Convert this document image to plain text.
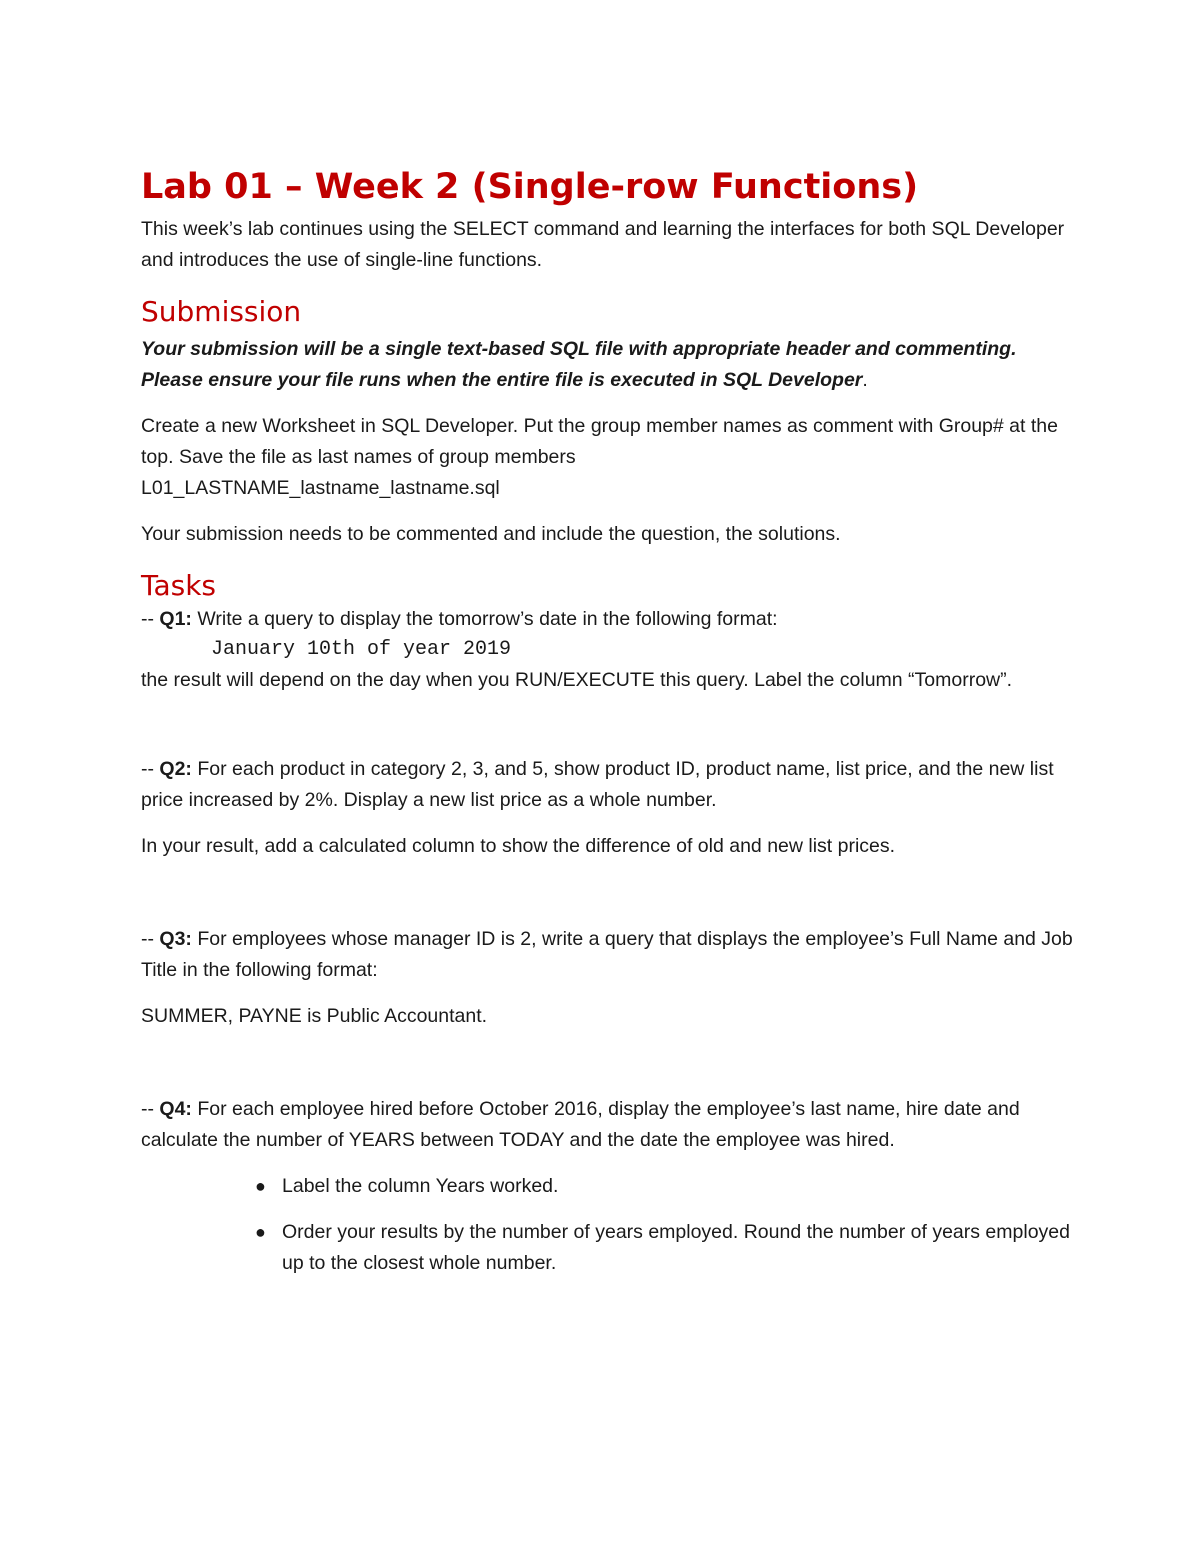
Lab 01 – Week 2 (Single-row Functions)

This week’s lab continues using the SELECT command and learning the interfaces for both SQL Developer and introduces the use of single-line functions.

Submission

Your submission will be a single text-based SQL file with appropriate header and commenting. Please ensure your file runs when the entire file is executed in SQL Developer.

Create a new Worksheet in SQL Developer. Put the group member names as comment with Group# at the top. Save the file as last names of group members
L01_LASTNAME_lastname_lastname.sql

Your submission needs to be commented and include the question, the solutions.

Tasks

-- Q1: Write a query to display the tomorrow’s date in the following format:

January 10th of year 2019

the result will depend on the day when you RUN/EXECUTE this query. Label the column “Tomorrow”.

-- Q2: For each product in category 2, 3, and 5, show product ID, product name, list price, and the new list price increased by 2%. Display a new list price as a whole number.

In your result, add a calculated column to show the difference of old and new list prices.

-- Q3: For employees whose manager ID is 2, write a query that displays the employee’s Full Name and Job Title in the following format:

SUMMER, PAYNE is Public Accountant.

-- Q4: For each employee hired before October 2016, display the employee’s last name, hire date and calculate the number of YEARS between TODAY and the date the employee was hired.

● Label the column Years worked.
● Order your results by the number of years employed. Round the number of years employed up to the closest whole number.
